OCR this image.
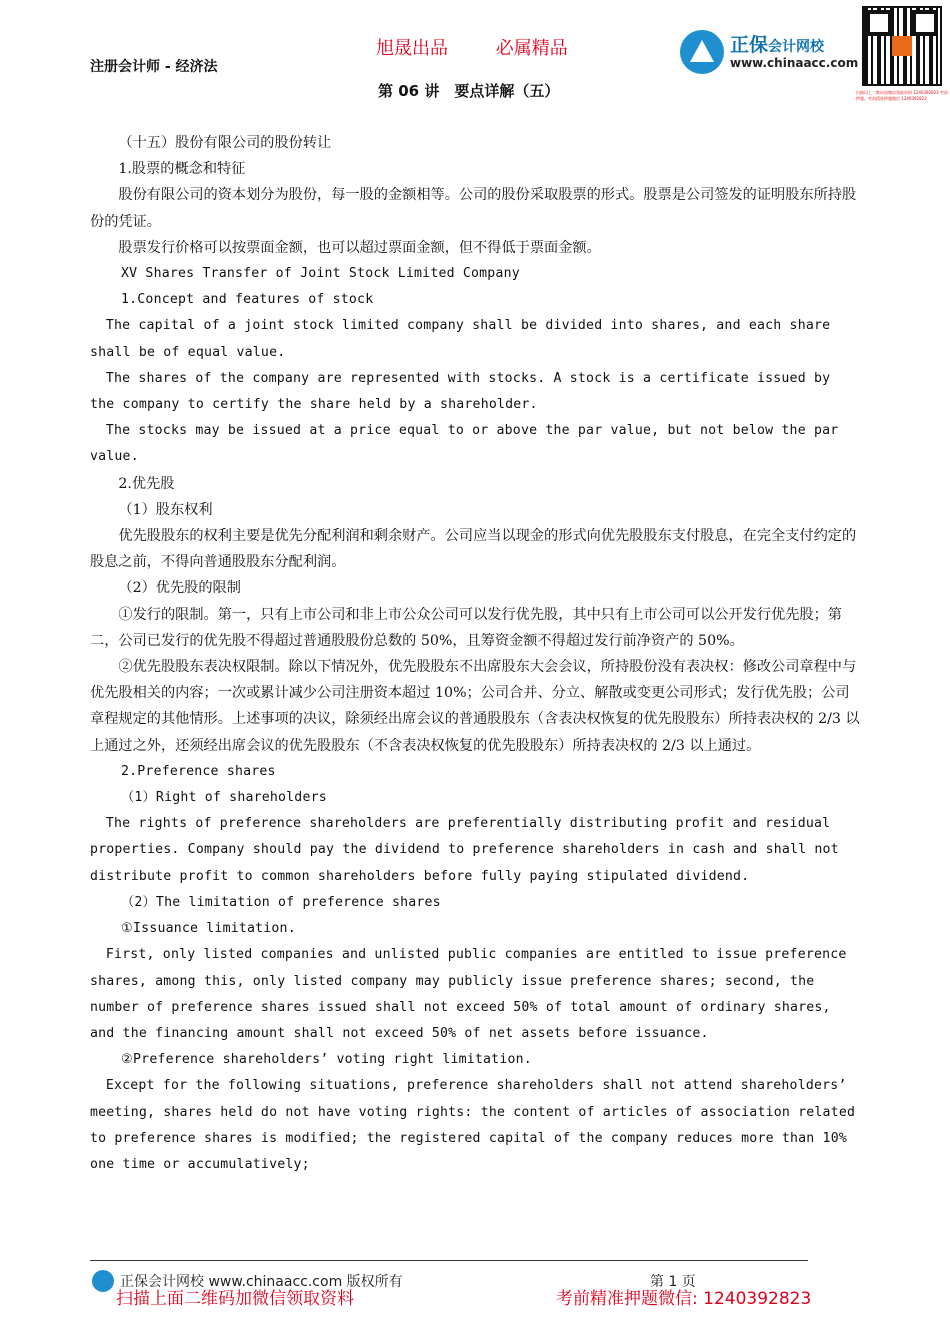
注册会计师 - 经济法
旭晟出品	必属精品
第 06 讲　要点详解（五）
正保会计网校
www.chinaacc.com
扫描以上二维码加微信领取资料 1240392823 考前押题，考前精准押题微信 1240392823

（十五）股份有限公司的股份转让

1.股票的概念和特征

股份有限公司的资本划分为股份，每一股的金额相等。公司的股份采取股票的形式。股票是公司签发的证明股东所持股份的凭证。

股票发行价格可以按票面金额，也可以超过票面金额，但不得低于票面金额。

XV Shares Transfer of Joint Stock Limited Company

1.Concept and features of stock

The capital of a joint stock limited company shall be divided into shares, and each share shall be of equal value.

The shares of the company are represented with stocks. A stock is a certificate issued by the company to certify the share held by a shareholder.

The stocks may be issued at a price equal to or above the par value, but not below the par value.

2.优先股

（1）股东权利

优先股股东的权利主要是优先分配利润和剩余财产。公司应当以现金的形式向优先股股东支付股息，在完全支付约定的股息之前，不得向普通股股东分配利润。

（2）优先股的限制

①发行的限制。第一，只有上市公司和非上市公众公司可以发行优先股，其中只有上市公司可以公开发行优先股；第二，公司已发行的优先股不得超过普通股股份总数的 50%，且筹资金额不得超过发行前净资产的 50%。

②优先股股东表决权限制。除以下情况外，优先股股东不出席股东大会会议，所持股份没有表决权：修改公司章程中与优先股相关的内容；一次或累计减少公司注册资本超过 10%；公司合并、分立、解散或变更公司形式；发行优先股；公司章程规定的其他情形。上述事项的决议，除须经出席会议的普通股股东（含表决权恢复的优先股股东）所持表决权的 2/3 以上通过之外，还须经出席会议的优先股股东（不含表决权恢复的优先股股东）所持表决权的 2/3 以上通过。

2.Preference shares

（1）Right of shareholders

The rights of preference shareholders are preferentially distributing profit and residual properties. Company should pay the dividend to preference shareholders in cash and shall not distribute profit to common shareholders before fully paying stipulated dividend.

（2）The limitation of preference shares

①Issuance limitation.

First, only listed companies and unlisted public companies are entitled to issue preference shares, among this, only listed company may publicly issue preference shares; second, the number of preference shares issued shall not exceed 50% of total amount of ordinary shares, and the financing amount shall not exceed 50% of net assets before issuance.

②Preference shareholders’ voting right limitation.

Except for the following situations, preference shareholders shall not attend shareholders’ meeting, shares held do not have voting rights: the content of articles of association related to preference shares is modified; the registered capital of the company reduces more than 10% one time or accumulatively;

正保会计网校 www.chinaacc.com 版权所有	第 1 页
扫描上面二维码加微信领取资料	考前精准押题微信: 1240392823
